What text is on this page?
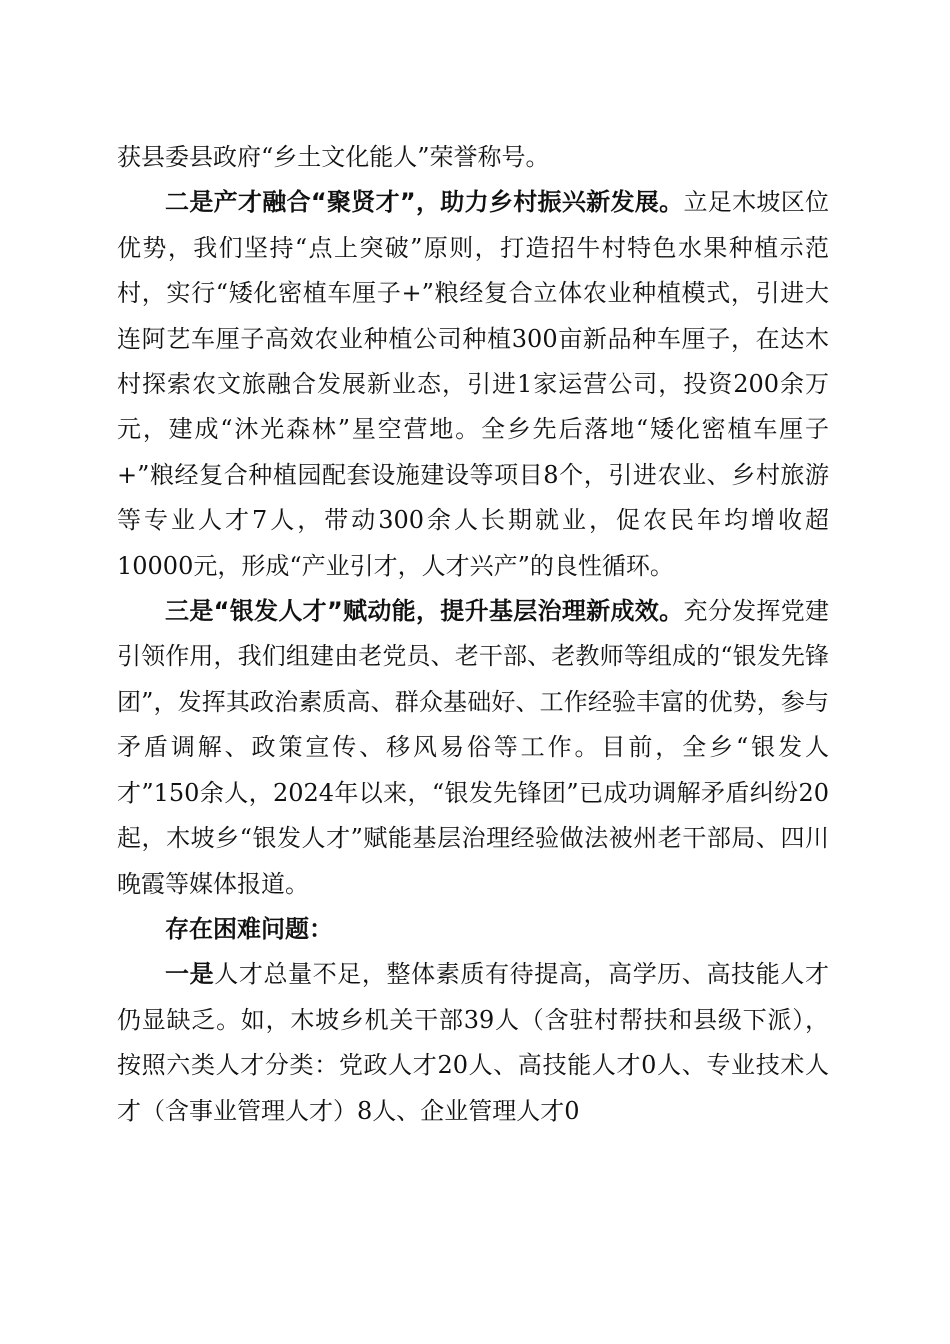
获县委县政府“乡土文化能人”荣誉称号。

二是产才融合“聚贤才”，助力乡村振兴新发展。立足木坡区位优势，我们坚持“点上突破”原则，打造招牛村特色水果种植示范村，实行“矮化密植车厘子+”粮经复合立体农业种植模式，引进大连阿艺车厘子高效农业种植公司种植300亩新品种车厘子，在达木村探索农文旅融合发展新业态，引进1家运营公司，投资200余万元，建成“沐光森林”星空营地。全乡先后落地“矮化密植车厘子+”粮经复合种植园配套设施建设等项目8个，引进农业、乡村旅游等专业人才7人，带动300余人长期就业，促农民年均增收超10000元，形成“产业引才，人才兴产”的良性循环。

三是“银发人才”赋动能，提升基层治理新成效。充分发挥党建引领作用，我们组建由老党员、老干部、老教师等组成的“银发先锋团”，发挥其政治素质高、群众基础好、工作经验丰富的优势，参与矛盾调解、政策宣传、移风易俗等工作。目前，全乡“银发人才”150余人，2024年以来，“银发先锋团”已成功调解矛盾纠纷20起，木坡乡“银发人才”赋能基层治理经验做法被州老干部局、四川晚霞等媒体报道。

存在困难问题：

一是人才总量不足，整体素质有待提高，高学历、高技能人才仍显缺乏。如，木坡乡机关干部39人（含驻村帮扶和县级下派），按照六类人才分类：党政人才20人、高技能人才0人、专业技术人才（含事业管理人才）8人、企业管理人才0
